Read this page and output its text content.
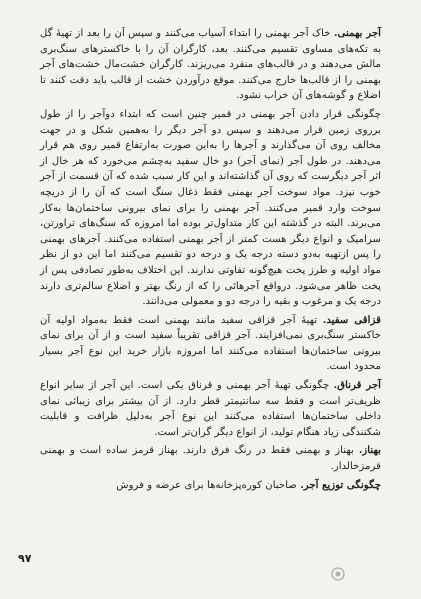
آجر بهمنی. خاک آجر بهمنی را ابتداء آسیاب می‌کنند و سپس آن را بعد از تهیهٔ گل به تکه‌های مساوی تقسیم می‌کنند. بعد، کارگران آن را با خاکسترهای سنگ‌بری مالش می‌دهند و در قالب‌های منفرد می‌ریزند. کارگران خشت‌مال خشت‌های آجر بهمنی را از قالب‌ها خارج می‌کنند. موقع درآوردن خشت از قالب باید دقت کنند تا اضلاع و گوشه‌های آن خراب نشود.

چگونگی قرار دادن آجر بهمنی در قمیر چنین است که ابتداء دوآجر را از طول برروی زمین قرار می‌دهند و سپس دو آجر دیگر را به‌همین شکل و در جهت مخالف روی آن می‌گذارند و آجرها را به‌این صورت به‌ارتفاع قمیر روی هم قرار می‌دهند. در طول آجر (نمای آجر) دو خال سفید به‌چشم می‌خورد که هر خال از اثر آجر دیگرست که روی آن گذاشته‌اند و این کار سبب شده که آن قسمت از آجر خوب نپزد. مواد سوخت آجر بهمنی فقط ذغال سنگ است که آن را از دریچه سوخت وارد قمیر می‌کنند. آجر بهمنی را برای نمای بیرونی ساختمان‌ها به‌کار می‌برند. البته در گذشته این کار متداول‌تر بوده اما امروزه که سنگ‌های تراورتن، سرامیک و انواع دیگر هست کمتر از آجر بهمنی استفاده می‌کنند. آجرهای بهمنی را پس ازتهیه به‌دو دسته درجه یک و درجه دو تقسیم می‌کنند اما این دو از نظر مواد اولیه و طرز پخت هیچ‌گونه تفاوتی ندارند. این اختلاف به‌طور تصادفی پس از پخت ظاهر می‌شود. درواقع آجرهائی را که از رنگ بهتر و اضلاع سالم‌تری دارند درجه یک و مرغوب و بقیه را درجه دو و معمولی می‌دانند.

قزاقی سفید. تهیهٔ آجر قزاقی سفید مانند بهمنی است فقط به‌مواد اولیه آن خاکستر سنگ‌بری نمی‌افزایند. آجر قزاقی تقریباً سفید است و از آن برای نمای بیرونی ساختمان‌ها استفاده می‌کنند اما امروزه بازار خرید این نوع آجر بسیار محدود است.

آجر قرناق. چگونگی تهیهٔ آجر بهمنی و قرناق یکی است. این آجر از سایر انواع ظریف‌تر است و فقط سه سانتیمتر قطر دارد. از آن بیشتر برای زیبائی نمای داخلی ساختمان‌ها استفاده می‌کنند این نوع آجر به‌دلیل ظرافت و قابلیت شکنندگی زیاد هنگام تولید، از انواع دیگر گران‌تر است.

بهناز. بهناز و بهمنی فقط در رنگ فرق دارند. بهناز قرمز ساده است و بهمنی قرمزخالدار.

چگونگی توزیع آجر. صاحبان کوره‌پزخانه‌ها برای عرضه و فروش

۹۷
